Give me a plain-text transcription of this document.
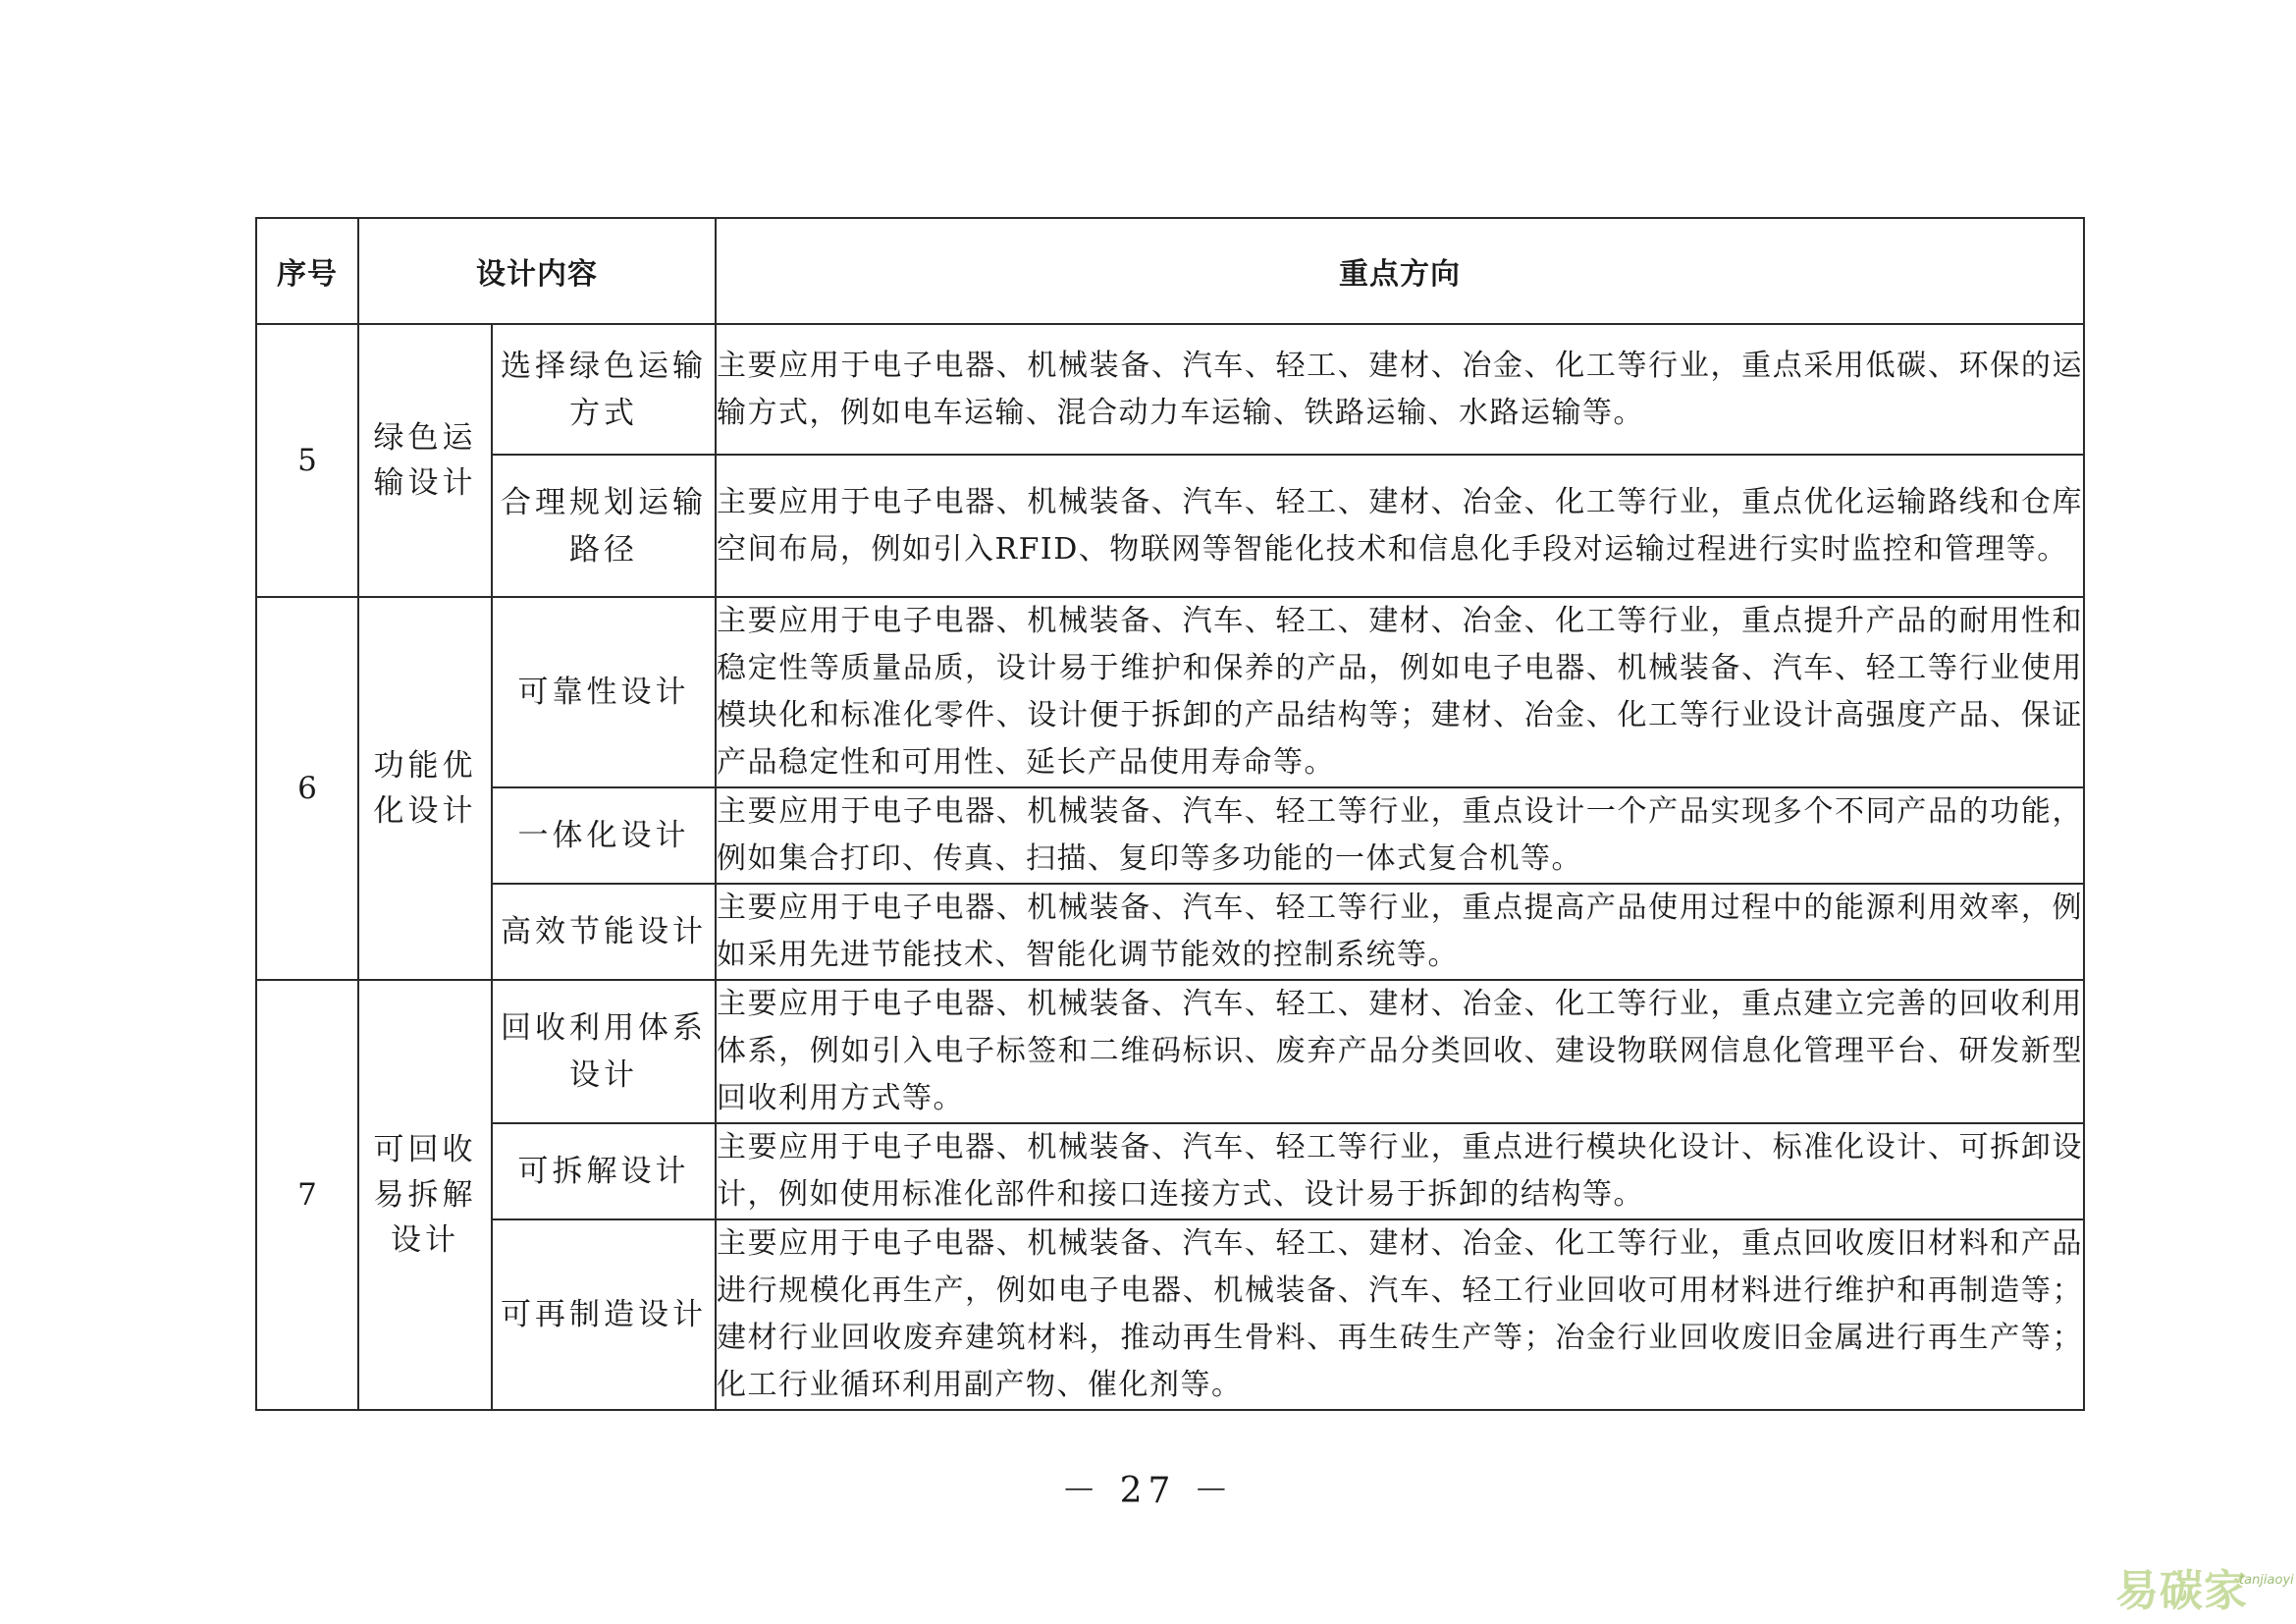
序号	设计内容		重点方向
5	绿色运输设计	选择绿色运输方式	主要应用于电子电器、机械装备、汽车、轻工、建材、冶金、化工等行业，重点采用低碳、环保的运输方式，例如电车运输、混合动力车运输、铁路运输、水路运输等。
		合理规划运输路径	主要应用于电子电器、机械装备、汽车、轻工、建材、冶金、化工等行业，重点优化运输路线和仓库空间布局，例如引入RFID、物联网等智能化技术和信息化手段对运输过程进行实时监控和管理等。
6	功能优化设计	可靠性设计	主要应用于电子电器、机械装备、汽车、轻工、建材、冶金、化工等行业，重点提升产品的耐用性和稳定性等质量品质，设计易于维护和保养的产品，例如电子电器、机械装备、汽车、轻工等行业使用模块化和标准化零件、设计便于拆卸的产品结构等；建材、冶金、化工等行业设计高强度产品、保证产品稳定性和可用性、延长产品使用寿命等。
		一体化设计	主要应用于电子电器、机械装备、汽车、轻工等行业，重点设计一个产品实现多个不同产品的功能，例如集合打印、传真、扫描、复印等多功能的一体式复合机等。
		高效节能设计	主要应用于电子电器、机械装备、汽车、轻工等行业，重点提高产品使用过程中的能源利用效率，例如采用先进节能技术、智能化调节能效的控制系统等。
7	可回收易拆解设计	回收利用体系设计	主要应用于电子电器、机械装备、汽车、轻工、建材、冶金、化工等行业，重点建立完善的回收利用体系，例如引入电子标签和二维码标识、废弃产品分类回收、建设物联网信息化管理平台、研发新型回收利用方式等。
		可拆解设计	主要应用于电子电器、机械装备、汽车、轻工等行业，重点进行模块化设计、标准化设计、可拆卸设计，例如使用标准化部件和接口连接方式、设计易于拆卸的结构等。
		可再制造设计	主要应用于电子电器、机械装备、汽车、轻工、建材、冶金、化工等行业，重点回收废旧材料和产品进行规模化再生产，例如电子电器、机械装备、汽车、轻工行业回收可用材料进行维护和再制造等；建材行业回收废弃建筑材料，推动再生骨料、再生砖生产等；冶金行业回收废旧金属进行再生产等；化工行业循环利用副产物、催化剂等。
－ 27 －
易碳家
tanjiaoyi
